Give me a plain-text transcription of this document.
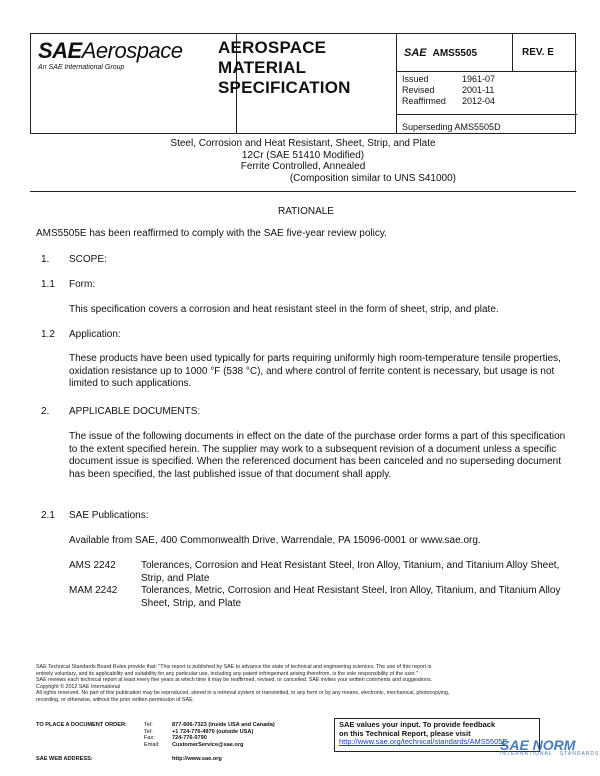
SAEAerospace
An SAE International Group
AEROSPACE
MATERIAL
SPECIFICATION
SAE AMS5505	REV. E
Issued	1961-07
Revised	2001-11
Reaffirmed	2012-04
Superseding AMS5505D
Steel, Corrosion and Heat Resistant, Sheet, Strip, and Plate
12Cr (SAE 51410 Modified)
Ferrite Controlled, Annealed
(Composition similar to UNS S41000)
RATIONALE
AMS5505E has been reaffirmed to comply with the SAE five-year review policy.
1. SCOPE:
1.1 Form:
This specification covers a corrosion and heat resistant steel in the form of sheet, strip, and plate.
1.2 Application:
These products have been used typically for parts requiring uniformly high room-temperature tensile properties, oxidation resistance up to 1000 °F (538 °C), and where control of ferrite content is necessary, but usage is not limited to such applications.
2. APPLICABLE DOCUMENTS:
The issue of the following documents in effect on the date of the purchase order forms a part of this specification to the extent specified herein. The supplier may work to a subsequent revision of a document unless a specific document issue is specified. When the referenced document has been canceled and no superseding document has been specified, the last published issue of that document shall apply.
2.1 SAE Publications:
Available from SAE, 400 Commonwealth Drive, Warrendale, PA 15096-0001 or www.sae.org.
AMS 2242	Tolerances, Corrosion and Heat Resistant Steel, Iron Alloy, Titanium, and Titanium Alloy Sheet, Strip, and Plate
MAM 2242	Tolerances, Metric, Corrosion and Heat Resistant Steel, Iron Alloy, Titanium, and Titanium Alloy Sheet, Strip, and Plate

SAE Technical Standards Board Rules provide that: "This report is published by SAE to advance the state of technical and engineering sciences. The use of this report is

entirely voluntary, and its applicability and suitability for any particular use, including any patent infringement arising therefrom, is the sole responsibility of the user."

SAE reviews each technical report at least every five years at which time it may be reaffirmed, revised, or cancelled. SAE invites your written comments and suggestions.

Copyright © 2012 SAE International

All rights reserved. No part of this publication may be reproduced, stored in a retrieval system or transmitted, in any form or by any means, electronic, mechanical, photocopying,

recording, or otherwise, without the prior written permission of SAE.

TO PLACE A DOCUMENT ORDER:	Tel:	877-606-7323 (inside USA and Canada)
Tel:	+1 724-776-4970 (outside USA)
Fax:	724-776-0790
Email:	CustomerService@sae.org
SAE WEB ADDRESS:	http://www.sae.org
SAE values your input. To provide feedback
on this Technical Report, please visit
http://www.sae.org/technical/standards/AMS5505E
SAE NORM
INTERNATIONAL · STANDARDS
